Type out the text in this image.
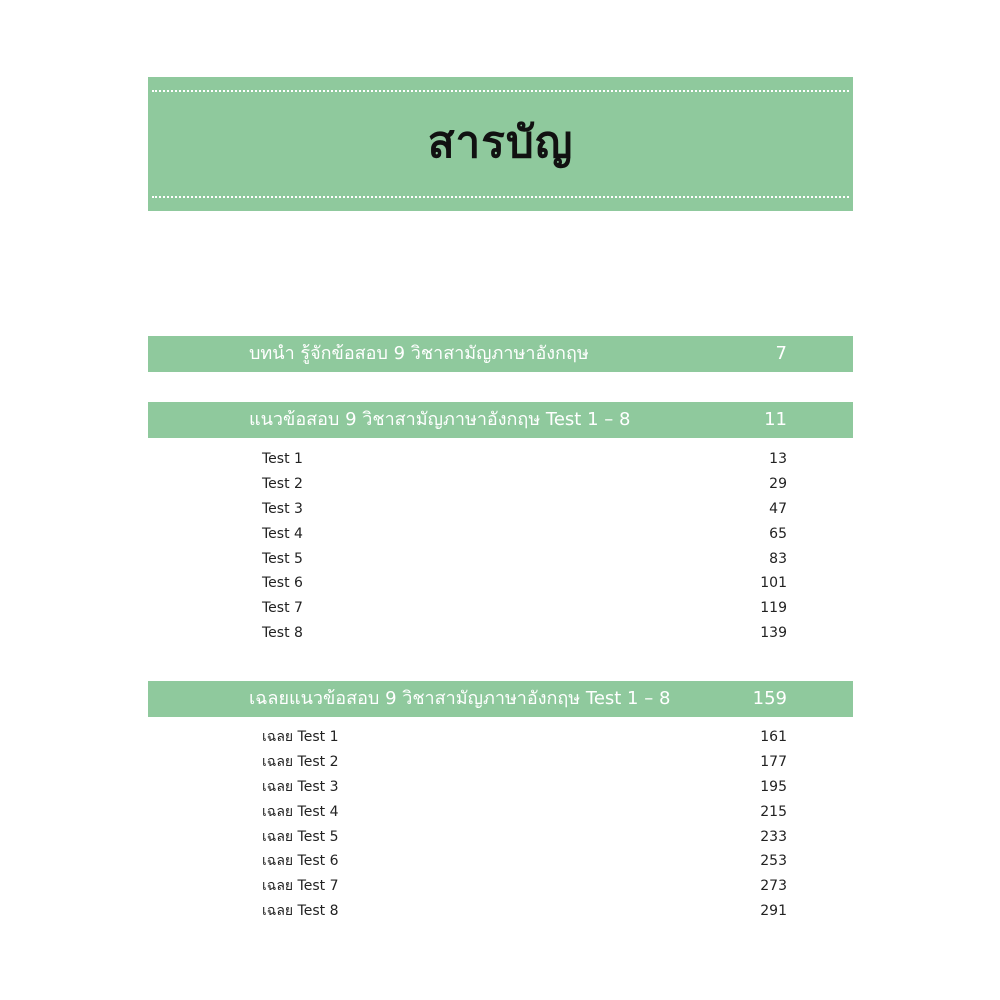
สารบัญ
บทนำ รู้จักข้อสอบ 9 วิชาสามัญภาษาอังกฤษ	7
แนวข้อสอบ 9 วิชาสามัญภาษาอังกฤษ Test 1 – 8	11
Test 1	13
Test 2	29
Test 3	47
Test 4	65
Test 5	83
Test 6	101
Test 7	119
Test 8	139
เฉลยแนวข้อสอบ 9 วิชาสามัญภาษาอังกฤษ Test 1 – 8	159
เฉลย Test 1	161
เฉลย Test 2	177
เฉลย Test 3	195
เฉลย Test 4	215
เฉลย Test 5	233
เฉลย Test 6	253
เฉลย Test 7	273
เฉลย Test 8	291
